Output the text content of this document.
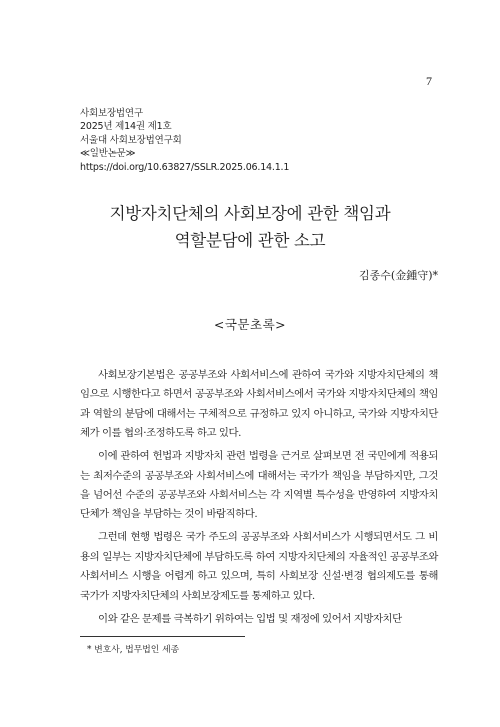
7
사회보장법연구
2025년 제14권 제1호
서울대 사회보장법연구회
≪일반논문≫
https://doi.org/10.63827/SSLR.2025.06.14.1.1
지방자치단체의 사회보장에 관한 책임과
역할분담에 관한 소고
김종수(金鍾守)*
<국문초록>

사회보장기본법은 공공부조와 사회서비스에 관하여 국가와 지방자치단체의 책임으로 시행한다고 하면서 공공부조와 사회서비스에서 국가와 지방자치단체의 책임과 역할의 분담에 대해서는 구체적으로 규정하고 있지 아니하고, 국가와 지방자치단체가 이를 협의·조정하도록 하고 있다.

이에 관하여 헌법과 지방자치 관련 법령을 근거로 살펴보면 전 국민에게 적용되는 최저수준의 공공부조와 사회서비스에 대해서는 국가가 책임을 부담하지만, 그것을 넘어선 수준의 공공부조와 사회서비스는 각 지역별 특수성을 반영하여 지방자치단체가 책임을 부담하는 것이 바람직하다.

그런데 현행 법령은 국가 주도의 공공부조와 사회서비스가 시행되면서도 그 비용의 일부는 지방자치단체에 부담하도록 하여 지방자치단체의 자율적인 공공부조와 사회서비스 시행을 어렵게 하고 있으며, 특히 사회보장 신설·변경 협의제도를 통해 국가가 지방자치단체의 사회보장제도를 통제하고 있다.

이와 같은 문제를 극복하기 위하여는 입법 및 재정에 있어서 지방자치단

* 변호사, 법무법인 세종
